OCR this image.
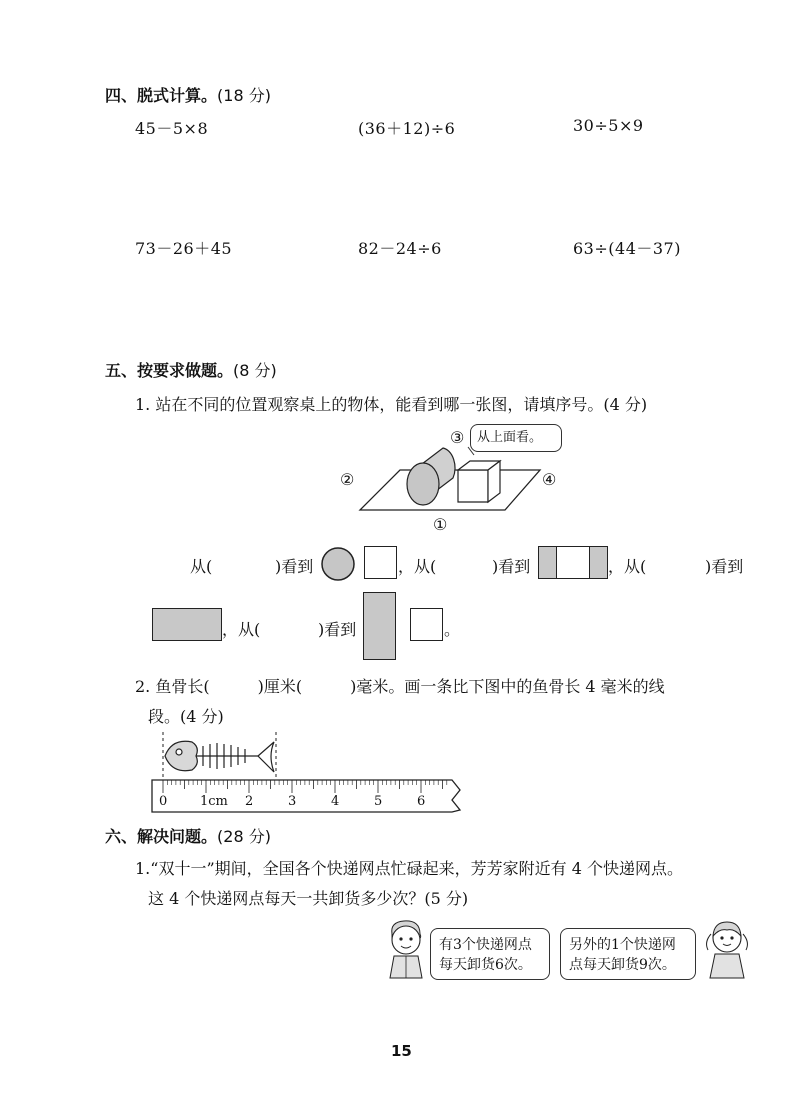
四、脱式计算。(18 分)
45－5×8	(36＋12)÷6	30÷5×9
73－26＋45	82－24÷6	63÷(44－37)
五、按要求做题。(8 分)
1. 站在不同的位置观察桌上的物体，能看到哪一张图，请填序号。(4 分)
③ 从上面看。
②	④
①
从(	)看到	，从(	)看到	，从(	)看到
，从(	)看到	。
2. 鱼骨长(　　　)厘米(　　　)毫米。画一条比下图中的鱼骨长 4 毫米的线
段。(4 分)
0	1cm 2	3	4	5	6
六、解决问题。(28 分)
1.“双十一”期间，全国各个快递网点忙碌起来，芳芳家附近有 4 个快递网点。
这 4 个快递网点每天一共卸货多少次？(5 分)
有3个快递网点每天卸货6次。
另外的1个快递网点每天卸货9次。
15
